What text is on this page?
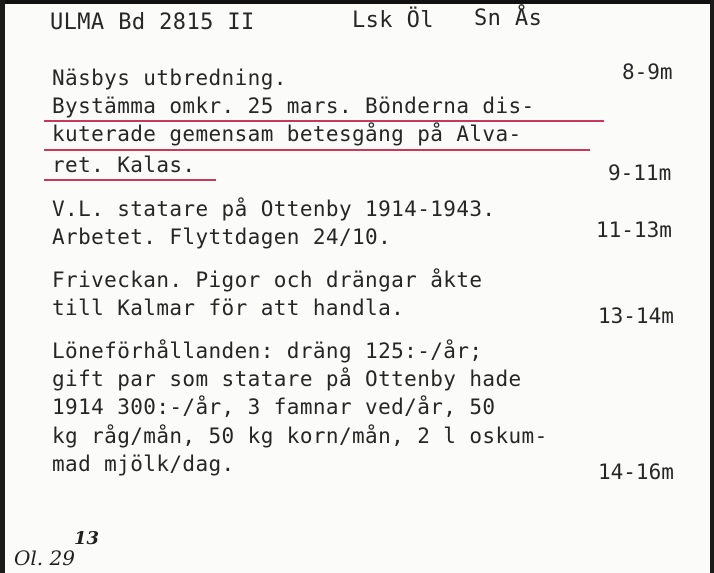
ULMA Bd 2815 II	Lsk Öl Sn Ås
Näsbys utbredning.	8-9m
Bystämma omkr. 25 mars. Bönderna dis-
kuterade gemensam betesgång på Alva-
ret. Kalas.	9-11m
V.L. statare på Ottenby 1914-1943.
Arbetet. Flyttdagen 24/10.	11-13m
Friveckan. Pigor och drängar åkte
till Kalmar för att handla.	13-14m
Löneförhållanden: dräng 125:-/år;
gift par som statare på Ottenby hade
1914 300:-/år, 3 famnar ved/år, 50
kg råg/mån, 50 kg korn/mån, 2 l oskum-
mad mjölk/dag.	14-16m
Ol. 29
13
